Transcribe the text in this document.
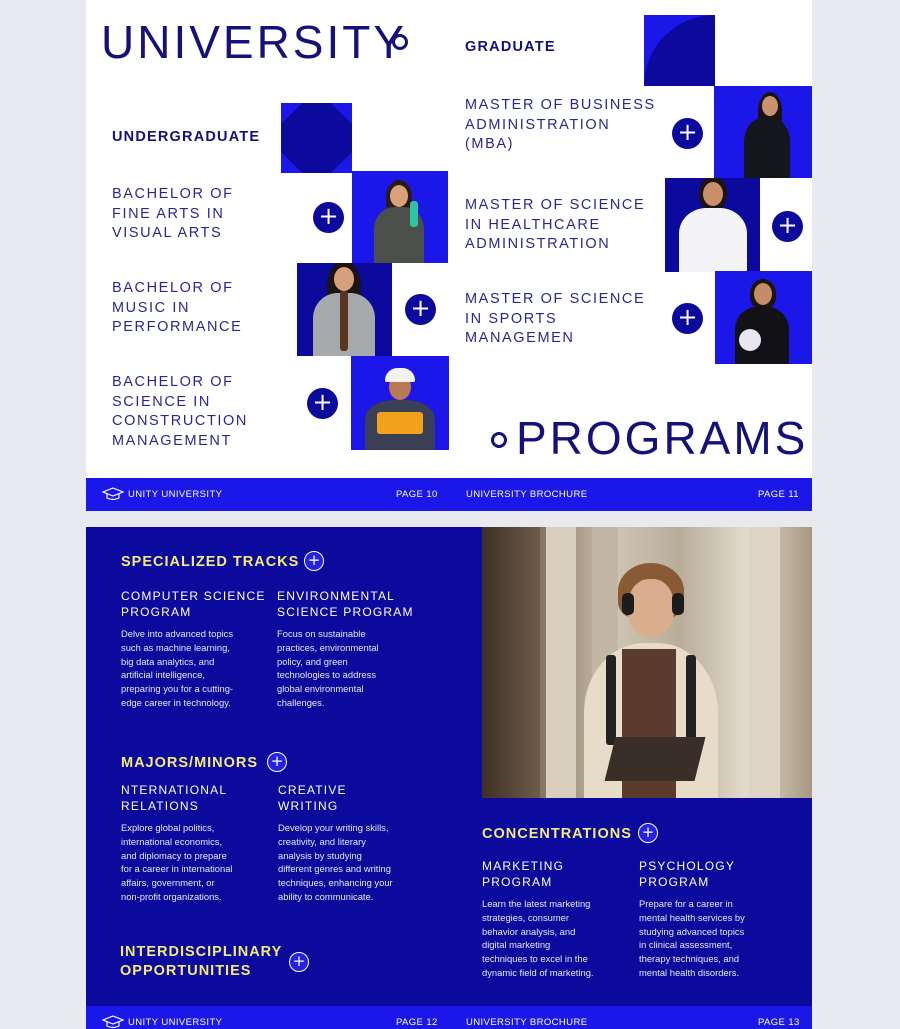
UNIVERSITY
UNDERGRADUATE
BACHELOR OF
FINE ARTS IN
VISUAL ARTS
BACHELOR OF
MUSIC IN
PERFORMANCE
BACHELOR OF
SCIENCE IN
CONSTRUCTION
MANAGEMENT
+
+
+
GRADUATE
MASTER OF BUSINESS
ADMINISTRATION
(MBA)
MASTER OF SCIENCE
IN HEALTHCARE
ADMINISTRATION
MASTER OF SCIENCE
IN SPORTS
MANAGEMEN
+
+
+
PROGRAMS
UNITY UNIVERSITY	PAGE 10	UNIVERSITY BROCHURE	PAGE 11
SPECIALIZED TRACKS +
COMPUTER SCIENCE
PROGRAM
Delve into advanced topics
such as machine learning,
big data analytics, and
artificial intelligence,
preparing you for a cutting-
edge career in technology.
ENVIRONMENTAL
SCIENCE PROGRAM
Focus on sustainable
practices, environmental
policy, and green
technologies to address
global environmental
challenges.
MAJORS/MINORS +
NTERNATIONAL
RELATIONS
Explore global politics,
international economics,
and diplomacy to prepare
for a career in international
affairs, government, or
non-profit organizations.
CREATIVE
WRITING
Develop your writing skills,
creativity, and literary
analysis by studying
different genres and writing
techniques, enhancing your
ability to communicate.
INTERDISCIPLINARY
OPPORTUNITIES
+
CONCENTRATIONS +
MARKETING
PROGRAM
Learn the latest marketing
strategies, consumer
behavior analysis, and
digital marketing
techniques to excel in the
dynamic field of marketing.
PSYCHOLOGY
PROGRAM
Prepare for a career in
mental health services by
studying advanced topics
in clinical assessment,
therapy techniques, and
mental health disorders.
UNITY UNIVERSITY	PAGE 12	UNIVERSITY BROCHURE	PAGE 13
